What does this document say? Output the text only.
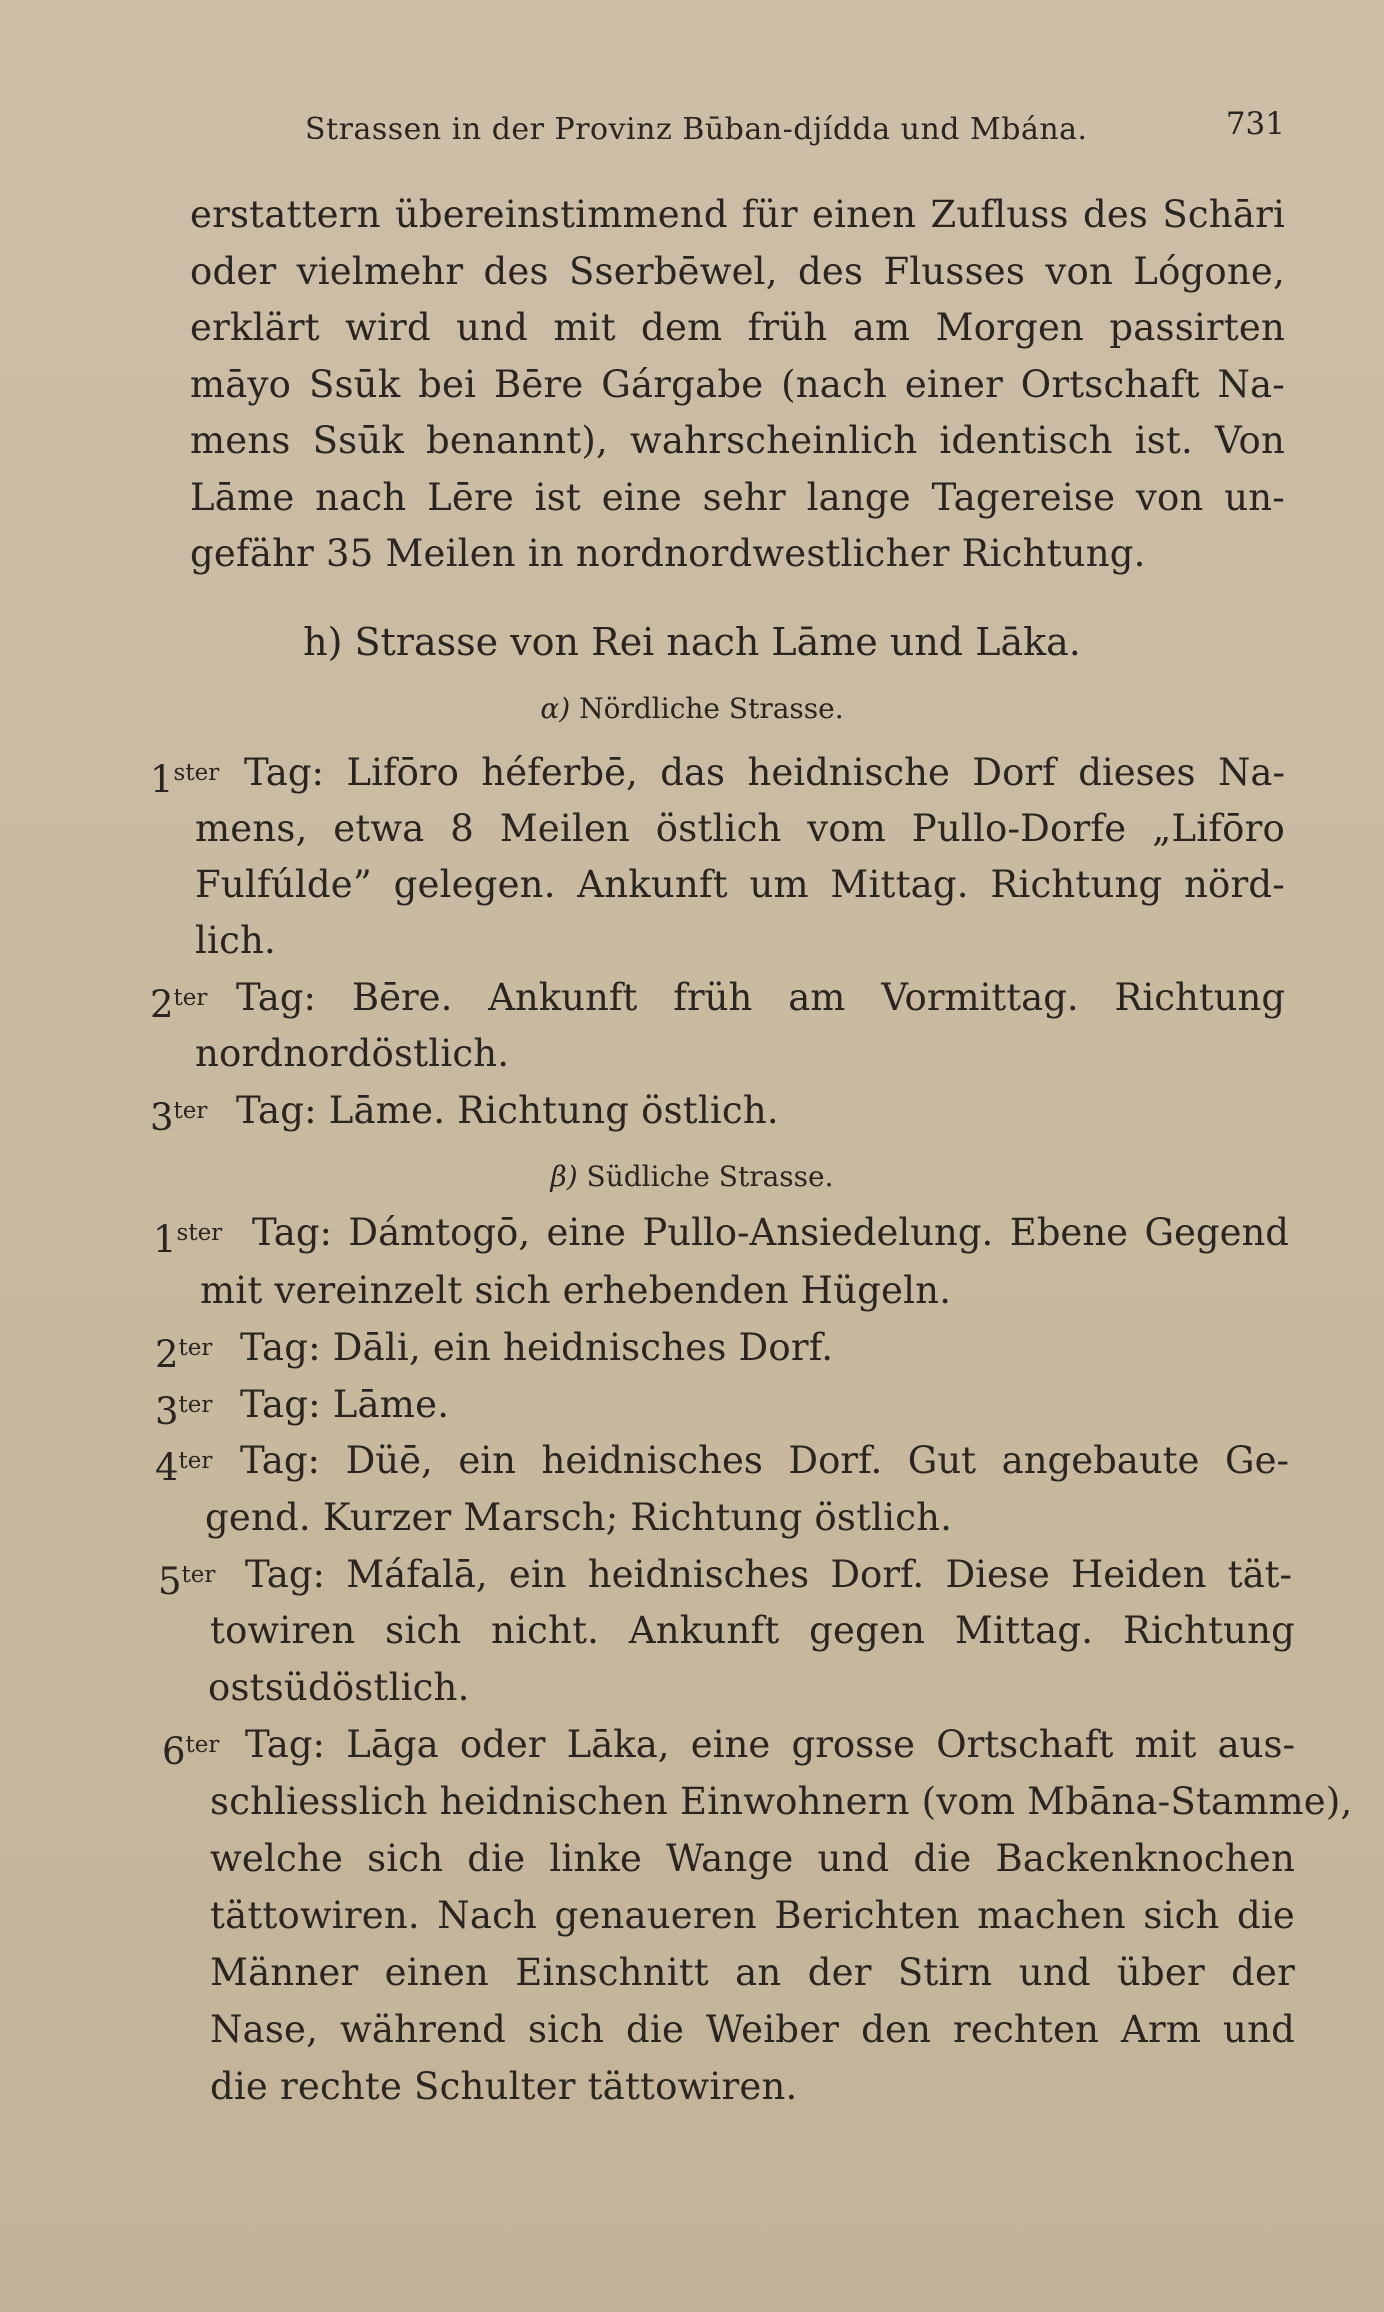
Strassen in der Provinz Būban-djídda und Mbána.	731
erstattern übereinstimmend für einen Zufluss des Schāri
oder vielmehr des Sserbēwel, des Flusses von Lógone,
erklärt wird und mit dem früh am Morgen passirten
māyo Ssūk bei Bēre Gárgabe (nach einer Ortschaft Na-
mens Ssūk benannt), wahrscheinlich identisch ist. Von
Lāme nach Lēre ist eine sehr lange Tagereise von un-
gefähr 35 Meilen in nordnordwestlicher Richtung.
h) Strasse von Rei nach Lāme und Lāka.
α) Nördliche Strasse.
$1^{ster}$ Tag: Lifōro héferbē, das heidnische Dorf dieses Na-
mens, etwa 8 Meilen östlich vom Pullo-Dorfe „Lifōro
Fulfúlde” gelegen. Ankunft um Mittag. Richtung nörd-
lich.
$2^{ter}$ Tag: Bēre. Ankunft früh am Vormittag. Richtung
nordnordöstlich.
$3^{ter}$ Tag: Lāme. Richtung östlich.
β) Südliche Strasse.
$1^{ster}$ Tag: Dámtogō, eine Pullo-Ansiedelung. Ebene Gegend
mit vereinzelt sich erhebenden Hügeln.
$2^{ter}$ Tag: Dāli, ein heidnisches Dorf.
$3^{ter}$ Tag: Lāme.
$4^{ter}$ Tag: Düē, ein heidnisches Dorf. Gut angebaute Ge-
gend. Kurzer Marsch; Richtung östlich.
$5^{ter}$ Tag: Máfalā, ein heidnisches Dorf. Diese Heiden tät-
towiren sich nicht. Ankunft gegen Mittag. Richtung
ostsüdöstlich.
$6^{ter}$ Tag: Lāga oder Lāka, eine grosse Ortschaft mit aus-
schliesslich heidnischen Einwohnern (vom Mbāna-Stamme),
welche sich die linke Wange und die Backenknochen
tättowiren. Nach genaueren Berichten machen sich die
Männer einen Einschnitt an der Stirn und über der
Nase, während sich die Weiber den rechten Arm und
die rechte Schulter tättowiren.
